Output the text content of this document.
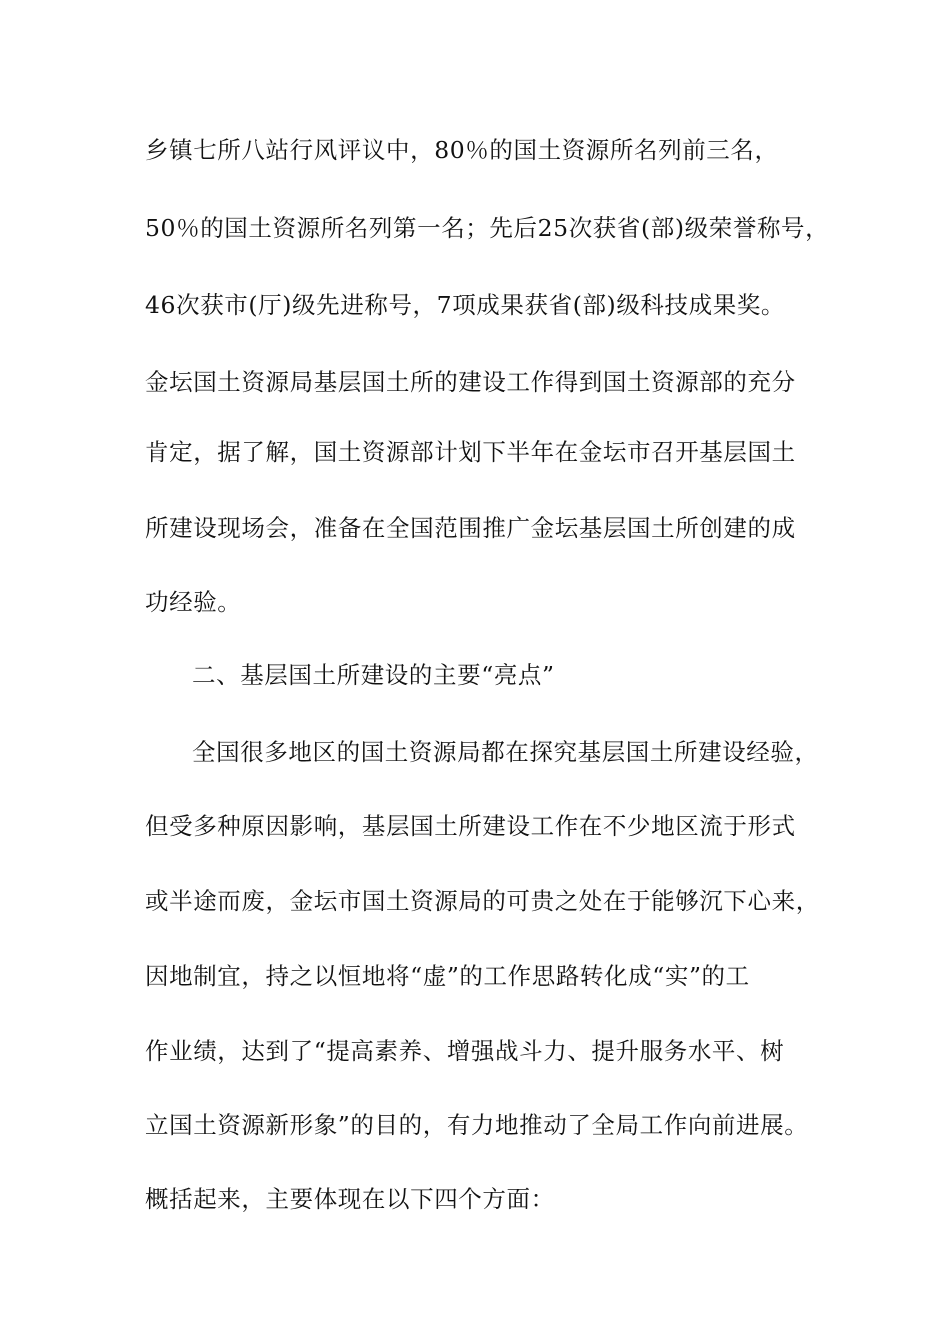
乡镇七所八站行风评议中，80％的国土资源所名列前三名，
50％的国土资源所名列第一名；先后25次获省(部)级荣誉称号，
46次获市(厅)级先进称号，7项成果获省(部)级科技成果奖。
金坛国土资源局基层国土所的建设工作得到国土资源部的充分
肯定，据了解，国土资源部计划下半年在金坛市召开基层国土
所建设现场会，准备在全国范围推广金坛基层国土所创建的成
功经验。
二、基层国土所建设的主要“亮点”
全国很多地区的国土资源局都在探究基层国土所建设经验，
但受多种原因影响，基层国土所建设工作在不少地区流于形式
或半途而废，金坛市国土资源局的可贵之处在于能够沉下心来，
因地制宜，持之以恒地将“虚”的工作思路转化成“实”的工
作业绩，达到了“提高素养、增强战斗力、提升服务水平、树
立国土资源新形象”的目的，有力地推动了全局工作向前进展。
概括起来，主要体现在以下四个方面：
